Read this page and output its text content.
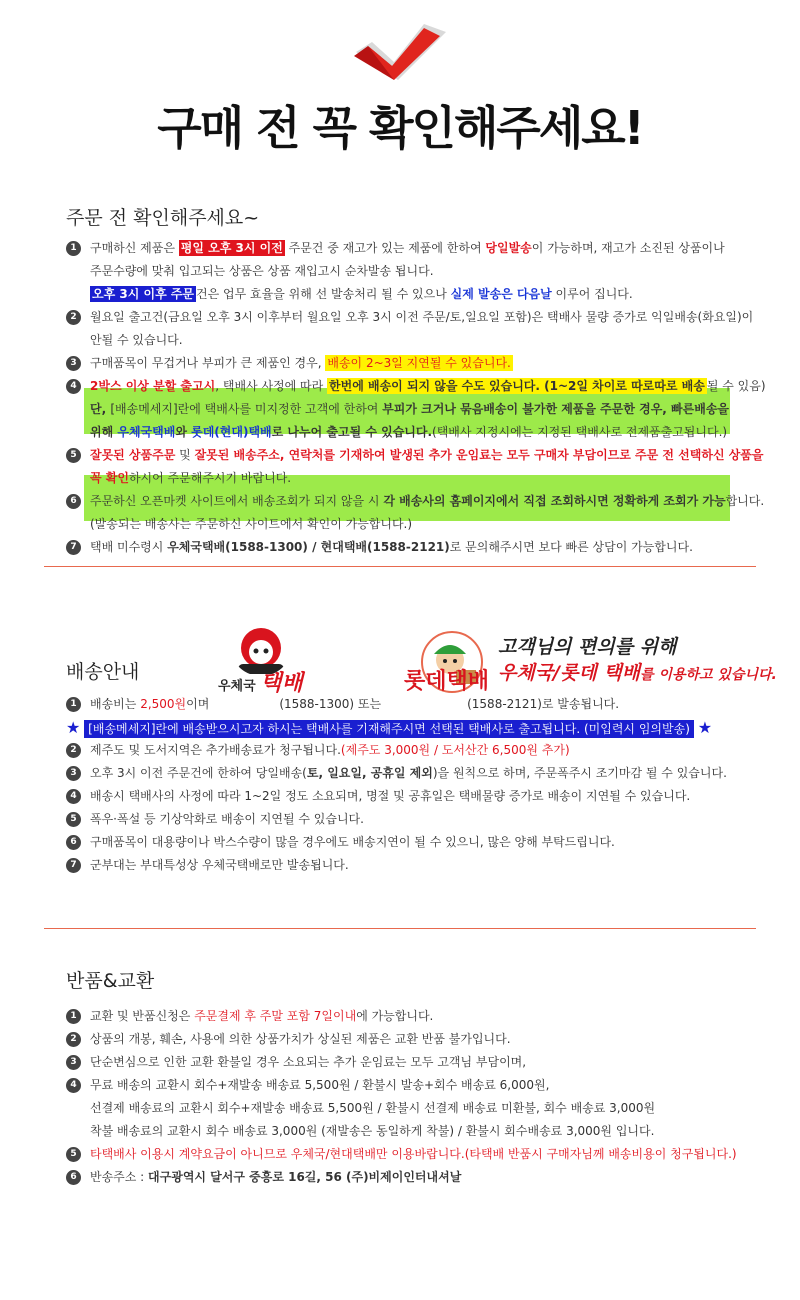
구매 전 꼭 확인해주세요!
주문 전 확인해주세요~
1	구매하신 제품은 평일 오후 3시 이전 주문건 중 재고가 있는 제품에 한하여 당일발송이 가능하며, 재고가 소진된 상품이나
주문수량에 맞춰 입고되는 상품은 상품 재입고시 순차발송 됩니다.
오후 3시 이후 주문 건은 업무 효율을 위해 선 발송처리 될 수 있으나 실제 발송은 다음날 이루어 집니다.
2	월요일 출고건(금요일 오후 3시 이후부터 월요일 오후 3시 이전 주문/토,일요일 포함)은 택배사 물량 증가로 익일배송(화요일)이
안될 수 있습니다.
3	구매품목이 무겁거나 부피가 큰 제품인 경우, 배송이 2~3일 지연될 수 있습니다.
4	2박스 이상 분할 출고시, 택배사 사정에 따라 한번에 배송이 되지 않을 수도 있습니다. (1~2일 차이로 따로따로 배송 될 수 있음)
단, [배송메세지]란에 택배사를 미지정한 고객에 한하여 부피가 크거나 묶음배송이 불가한 제품을 주문한 경우, 빠른배송을
위해 우체국택배와 롯데(현대)택배로 나누어 출고될 수 있습니다.(택배사 지정시에는 지정된 택배사로 전제품출고됩니다.)
5	잘못된 상품주문 및 잘못된 배송주소, 연락처를 기재하여 발생된 추가 운임료는 모두 구매자 부담이므로 주문 전 선택하신 상품을
꼭 확인하시어 주문해주시기 바랍니다.
6	주문하신 오픈마켓 사이트에서 배송조회가 되지 않을 시 각 배송사의 홈페이지에서 직접 조회하시면 정확하게 조회가 가능합니다.
(발송되는 배송사는 주문하신 사이트에서 확인이 가능합니다.)
7	택배 미수령시 우체국택배(1588-1300) / 현대택배(1588-2121)로 문의해주시면 보다 빠른 상담이 가능합니다.
배송안내
우체국 택배	롯데택배
고객님의 편의를 위해
우체국/롯데 택배를 이용하고 있습니다.
1	배송비는 2,500원이며	(1588-1300) 또는	(1588-2121)로 발송됩니다.
★ [배송메세지]란에 배송받으시고자 하시는 택배사를 기재해주시면 선택된 택배사로 출고됩니다. (미입력시 임의발송) ★
2	제주도 및 도서지역은 추가배송료가 청구됩니다.(제주도 3,000원 / 도서산간 6,500원 추가)
3	오후 3시 이전 주문건에 한하여 당일배송(토, 일요일, 공휴일 제외)을 원칙으로 하며, 주문폭주시 조기마감 될 수 있습니다.
4	배송시 택배사의 사정에 따라 1~2일 정도 소요되며, 명절 및 공휴일은 택배물량 증가로 배송이 지연될 수 있습니다.
5	폭우·폭설 등 기상악화로 배송이 지연될 수 있습니다.
6	구매품목이 대용량이나 박스수량이 많을 경우에도 배송지연이 될 수 있으니, 많은 양해 부탁드립니다.
7	군부대는 부대특성상 우체국택배로만 발송됩니다.
반품&교환
1	교환 및 반품신청은 주문결제 후 주말 포함 7일이내에 가능합니다.
2	상품의 개봉, 훼손, 사용에 의한 상품가치가 상실된 제품은 교환 반품 불가입니다.
3	단순변심으로 인한 교환 환불일 경우 소요되는 추가 운임료는 모두 고객님 부담이며,
4	무료 배송의 교환시 회수+재발송 배송료 5,500원 / 환불시 발송+회수 배송료 6,000원,
선결제 배송료의 교환시 회수+재발송 배송료 5,500원 / 환불시 선결제 배송료 미환불, 회수 배송료 3,000원
착불 배송료의 교환시 회수 배송료 3,000원 (재발송은 동일하게 착불) / 환불시 회수배송료 3,000원 입니다.
5	타택배사 이용시 계약요금이 아니므로 우체국/현대택배만 이용바랍니다.(타택배 반품시 구매자님께 배송비용이 청구됩니다.)
6	반송주소 : 대구광역시 달서구 중흥로 16길, 56 (주)비제이인터내셔날
